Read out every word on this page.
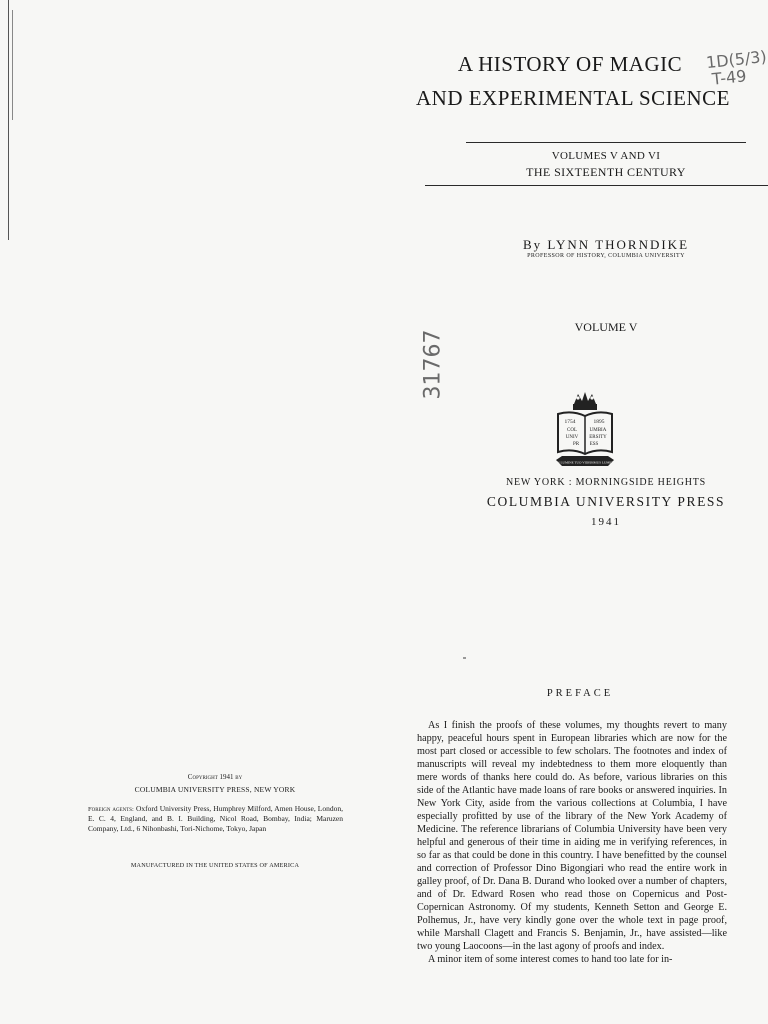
A HISTORY OF MAGIC
AND EXPERIMENTAL SCIENCE
1D(5/3)
T-49
VOLUMES V AND VI
THE SIXTEENTH CENTURY
By LYNN THORNDIKE
PROFESSOR OF HISTORY, COLUMBIA UNIVERSITY
VOLUME V
31767
1754	1895
COL	UMBIA
UNIV ERSITY
PR ESS
IN LUMINE TUO VIDEBIMUS LUMEN
NEW YORK : MORNINGSIDE HEIGHTS
COLUMBIA UNIVERSITY PRESS
1941
Copyright 1941 by
COLUMBIA UNIVERSITY PRESS, NEW YORK
Foreign agents: Oxford University Press, Humphrey Milford, Amen House, London, E. C. 4, England, and B. I. Building, Nicol Road, Bombay, India; Maruzen Company, Ltd., 6 Nihonbashi, Tori-Nichome, Tokyo, Japan
MANUFACTURED IN THE UNITED STATES OF AMERICA
PREFACE

As I finish the proofs of these volumes, my thoughts revert to many happy, peaceful hours spent in European libraries which are now for the most part closed or accessible to few scholars. The footnotes and index of manuscripts will reveal my indebtedness to them more eloquently than mere words of thanks here could do. As before, various libraries on this side of the Atlantic have made loans of rare books or answered inquiries. In New York City, aside from the various collections at Columbia, I have especially profitted by use of the library of the New York Academy of Medicine. The reference librarians of Columbia University have been very helpful and generous of their time in aiding me in verifying references, in so far as that could be done in this country. I have benefitted by the counsel and correction of Professor Dino Bigongiari who read the entire work in galley proof, of Dr. Dana B. Durand who looked over a number of chapters, and of Dr. Edward Rosen who read those on Copernicus and Post-Copernican Astronomy. Of my students, Kenneth Setton and George E. Polhemus, Jr., have very kindly gone over the whole text in page proof, while Marshall Clagett and Francis S. Benjamin, Jr., have assisted—like two young Laocoons—in the last agony of proofs and index.

A minor item of some interest comes to hand too late for in-
